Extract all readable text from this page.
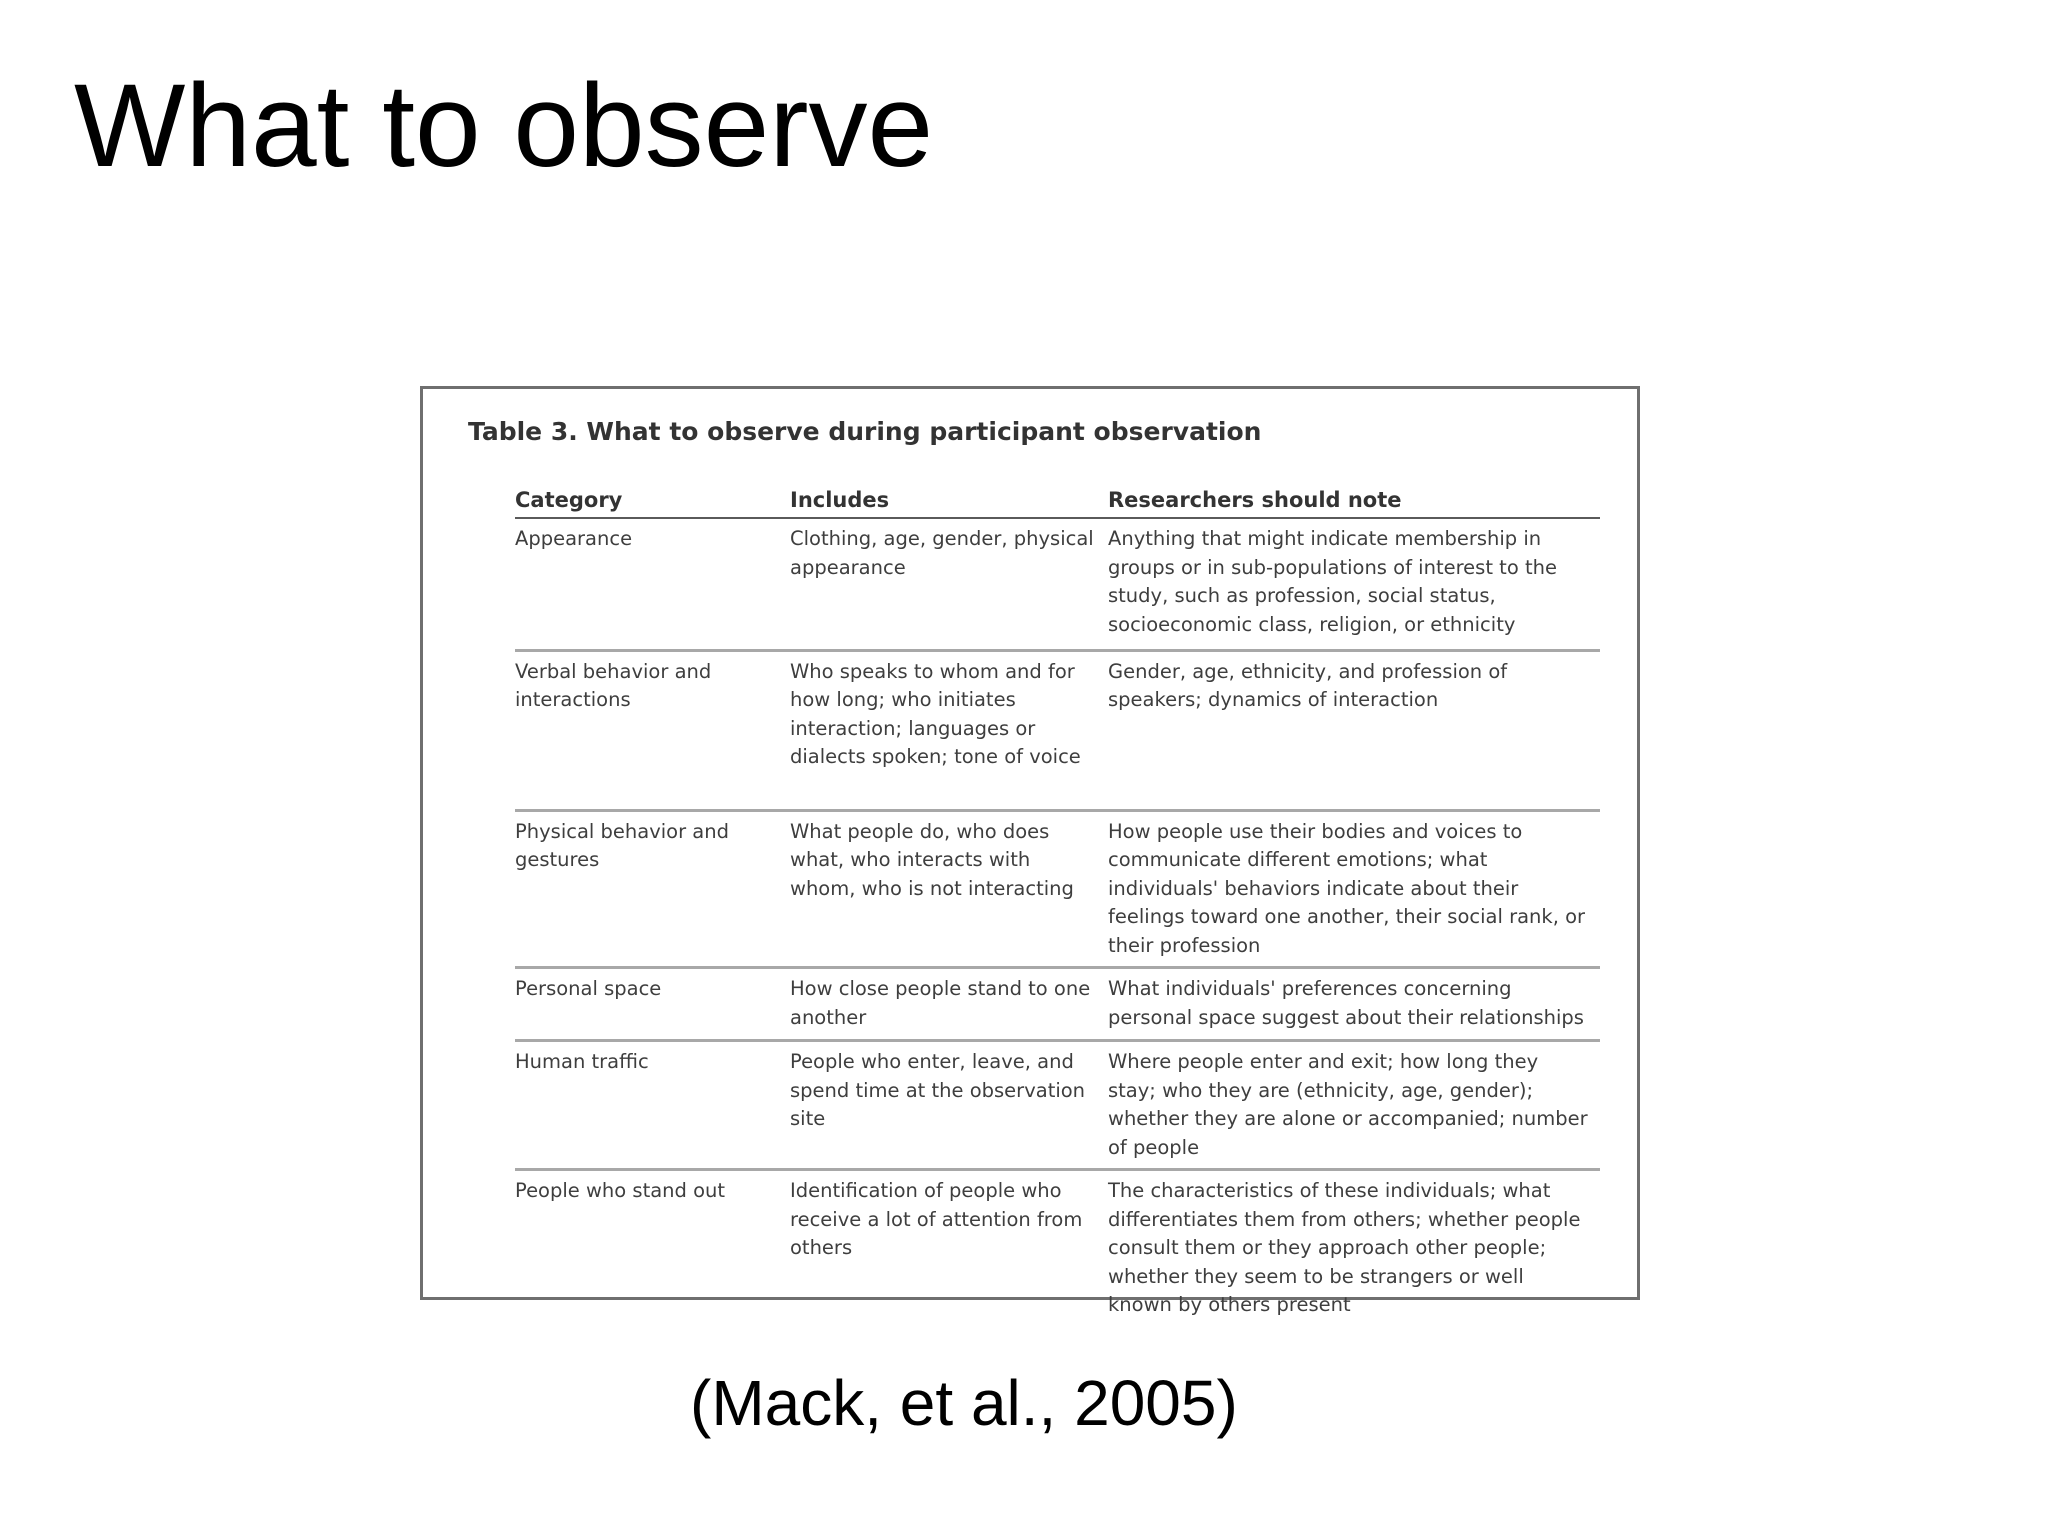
What to observe
Table 3. What to observe during participant observation
Category	Includes	Researchers should note
Appearance	Clothing, age, gender, physical appearance	Anything that might indicate membership in groups or in sub-populations of interest to the study, such as profession, social status, socioeconomic class, religion, or ethnicity
Verbal behavior and interactions	Who speaks to whom and for how long; who initiates interaction; languages or dialects spoken; tone of voice	Gender, age, ethnicity, and profession of speakers; dynamics of interaction
Physical behavior and gestures	What people do, who does what, who interacts with whom, who is not interacting	How people use their bodies and voices to communicate different emotions; what individuals' behaviors indicate about their feelings toward one another, their social rank, or their profession
Personal space	How close people stand to one another	What individuals' preferences concerning personal space suggest about their relationships
Human traffic	People who enter, leave, and spend time at the observation site	Where people enter and exit; how long they stay; who they are (ethnicity, age, gender); whether they are alone or accompanied; number of people
People who stand out	Identification of people who receive a lot of attention from others	The characteristics of these individuals; what differentiates them from others; whether people consult them or they approach other people; whether they seem to be strangers or well known by others present
(Mack, et al., 2005)
